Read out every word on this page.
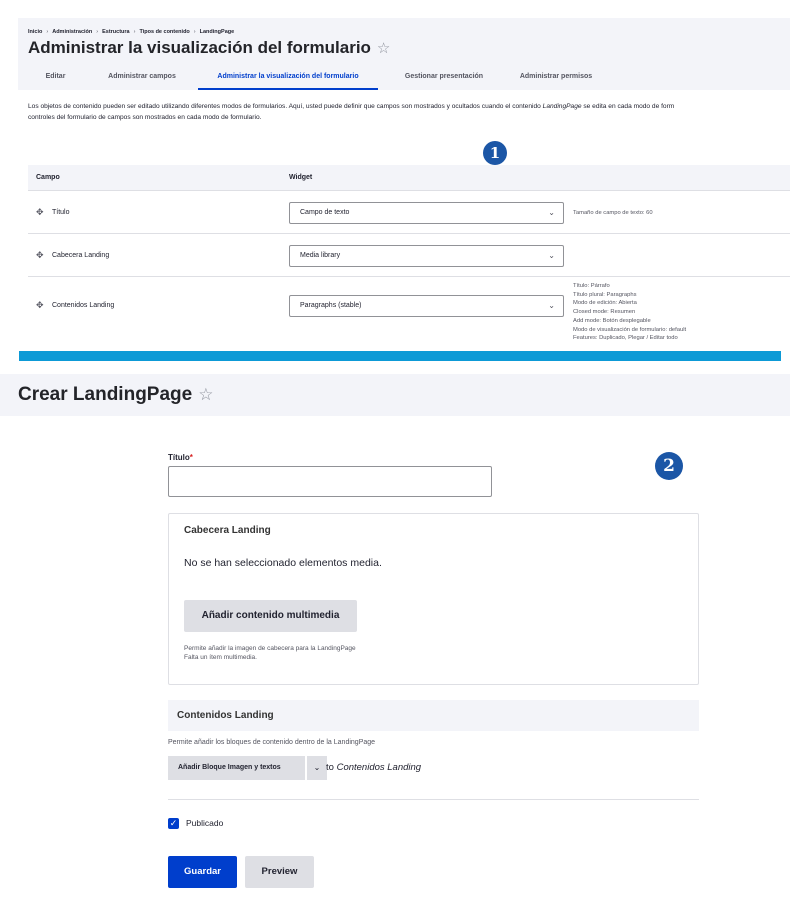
Inicio › Administración › Estructura › Tipos de contenido › LandingPage
Administrar la visualización del formulario ☆
Editar	Administrar campos	Administrar la visualización del formulario	Gestionar presentación	Administrar permisos
Los objetos de contenido pueden ser editado utilizando diferentes modos de formularios. Aquí, usted puede definir que campos son mostrados y ocultados cuando el contenido LandingPage se edita en cada modo de form
controles del formulario de campos son mostrados en cada modo de formulario.
1
Campo	Widget
✥ Título	Campo de texto	⌄	Tamaño de campo de texto: 60
✥ Cabecera Landing	Media library	⌄
✥ Contenidos Landing	Paragraphs (stable)	⌄
Título: Párrafo
Título plural: Paragraphs
Modo de edición: Abierta
Closed mode: Resumen
Add mode: Botón desplegable
Modo de visualización de formulario: default
Features: Duplicado, Plegar / Editar todo
Crear LandingPage ☆
2
Título*
Cabecera Landing
No se han seleccionado elementos media.
Añadir contenido multimedia
Permite añadir la imagen de cabecera para la LandingPage
Falta un ítem multimedia.
Contenidos Landing
Permite añadir los bloques de contenido dentro de la LandingPage
Añadir Bloque Imagen y textos	⌄ to Contenidos Landing
✓ Publicado
Guardar	Preview
